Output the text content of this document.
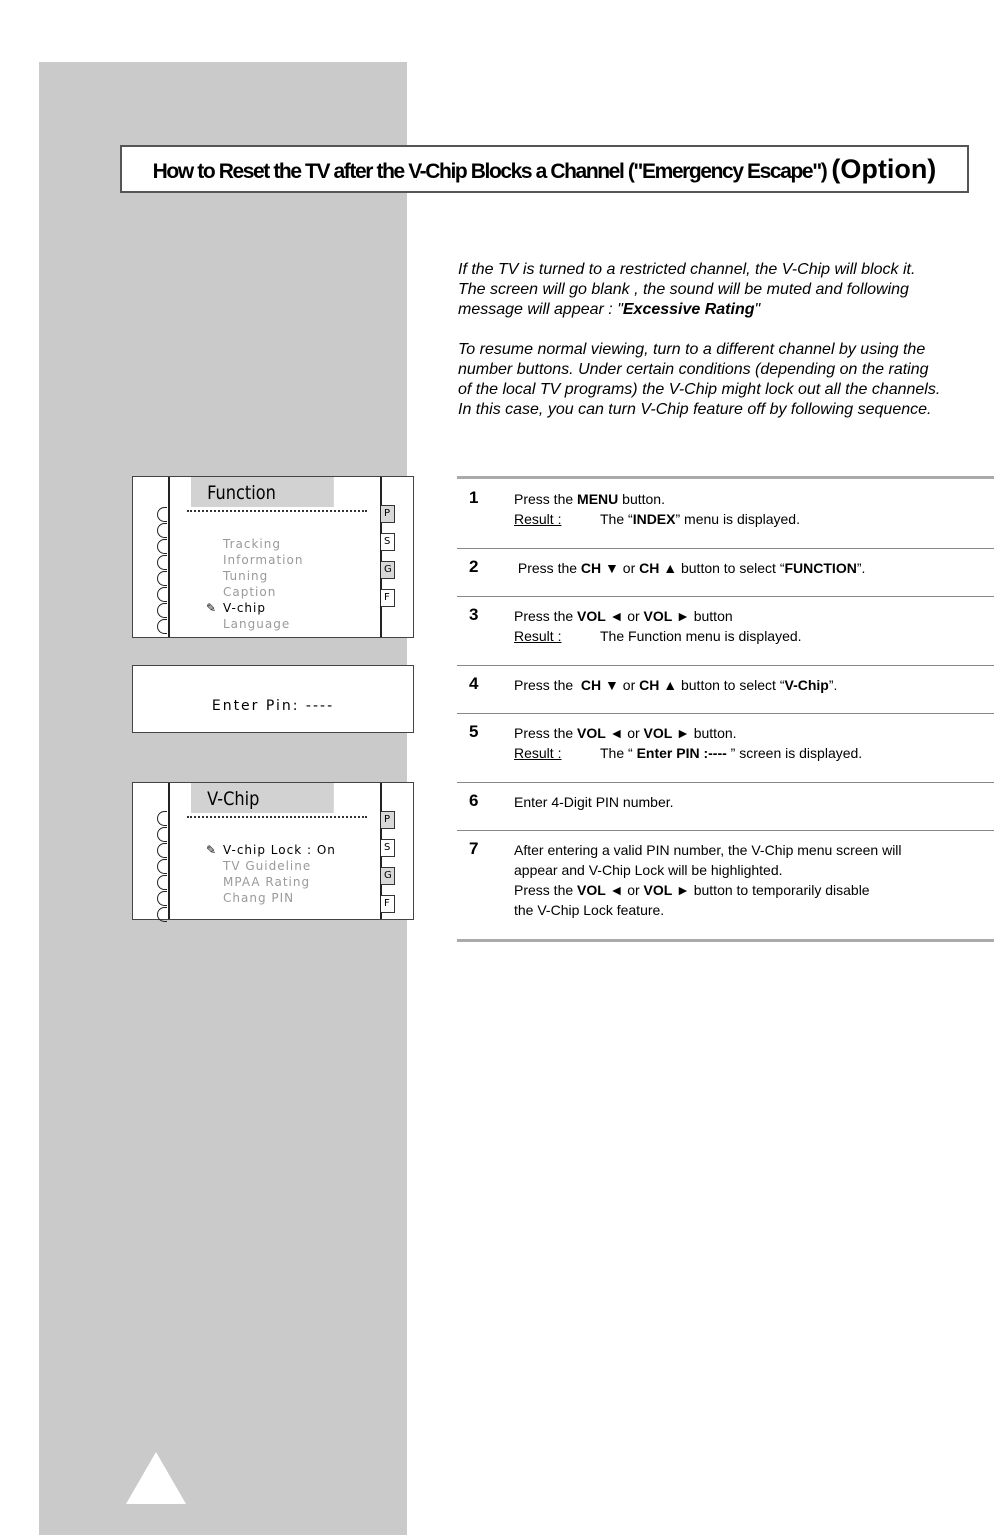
How to Reset the TV after the V-Chip Blocks a Channel ("Emergency Escape") (Option)

If the TV is turned to a restricted channel, the V-Chip will block it.

The screen will go blank , the sound will be muted and following

message will appear : "Excessive Rating"

To resume normal viewing, turn to a different channel by using the

number buttons. Under certain conditions (depending on the rating

of the local TV programs) the V-Chip might lock out all the channels.

In this case, you can turn V-Chip feature off by following sequence.

Function
P
S
G
F
Tracking
Information
Tuning
Caption
✎ V-chip
Language
Enter Pin: ----
V-Chip
P
S
G
F
✎ V-chip Lock : On
TV Guideline
MPAA Rating
Chang PIN
1	Press the MENU button.
Result :	The “INDEX” menu is displayed.
2	Press the CH ▼ or CH ▲ button to select “FUNCTION”.
3	Press the VOL ◄ or VOL ► button
Result :	The Function menu is displayed.
4	Press the  CH ▼ or CH ▲ button to select “V-Chip”.
5	Press the VOL ◄ or VOL ► button.
Result :	The “ Enter PIN :---- ” screen is displayed.
6	Enter 4-Digit PIN number.
7	After entering a valid PIN number, the V-Chip menu screen will
appear and V-Chip Lock will be highlighted.
Press the VOL ◄ or VOL ► button to temporarily disable
the V-Chip Lock feature.
